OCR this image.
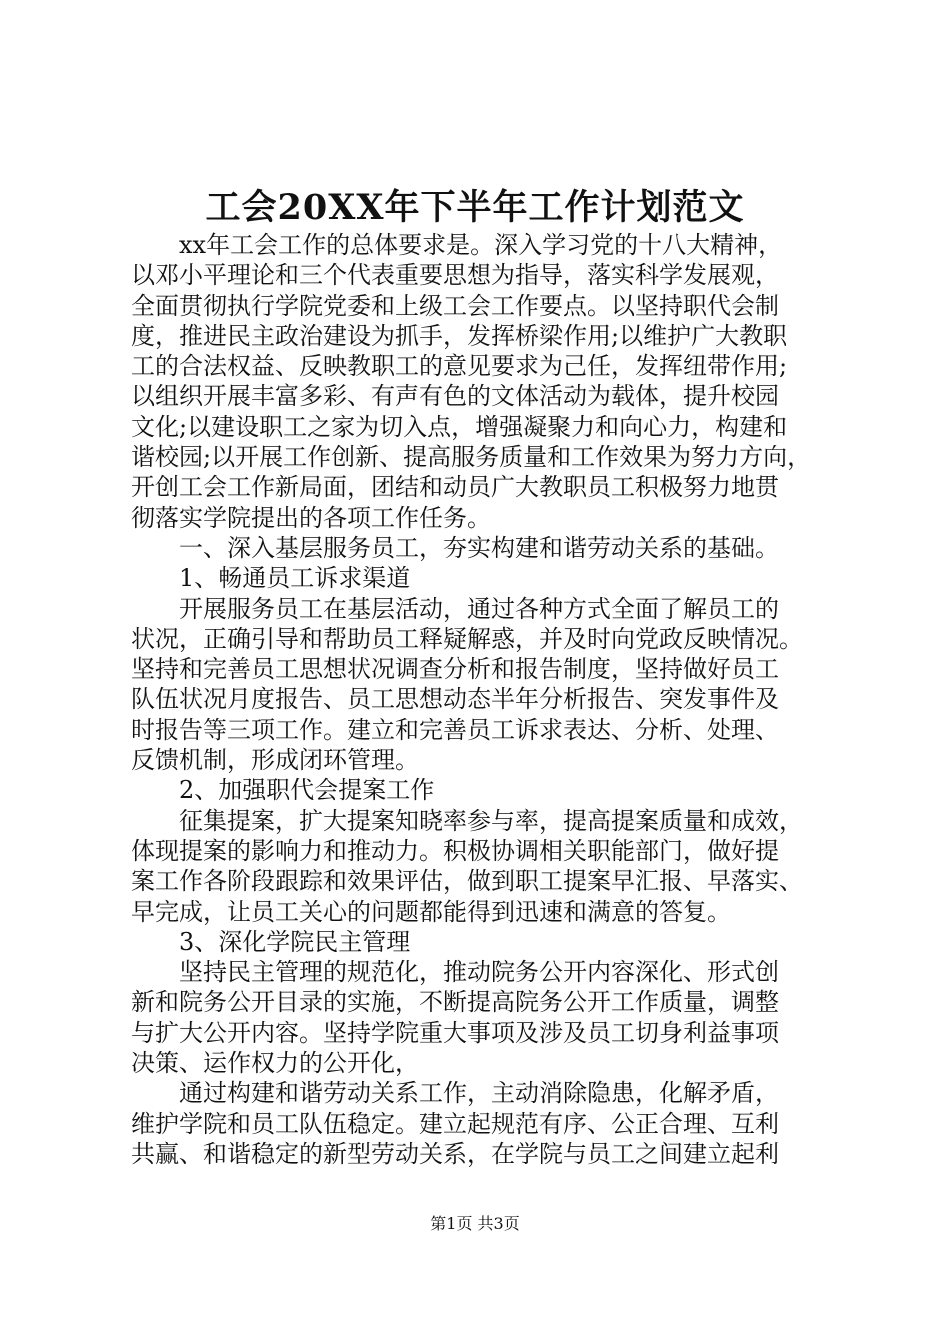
工会20XX年下半年工作计划范文
xx年工会工作的总体要求是。深入学习党的十八大精神，
以邓小平理论和三个代表重要思想为指导，落实科学发展观，
全面贯彻执行学院党委和上级工会工作要点。以坚持职代会制
度，推进民主政治建设为抓手，发挥桥梁作用;以维护广大教职
工的合法权益、反映教职工的意见要求为己任，发挥纽带作用;
以组织开展丰富多彩、有声有色的文体活动为载体，提升校园
文化;以建设职工之家为切入点，增强凝聚力和向心力，构建和
谐校园;以开展工作创新、提高服务质量和工作效果为努力方向，
开创工会工作新局面，团结和动员广大教职员工积极努力地贯
彻落实学院提出的各项工作任务。
一、深入基层服务员工，夯实构建和谐劳动关系的基础。
1、畅通员工诉求渠道
开展服务员工在基层活动，通过各种方式全面了解员工的
状况，正确引导和帮助员工释疑解惑，并及时向党政反映情况。
坚持和完善员工思想状况调查分析和报告制度，坚持做好员工
队伍状况月度报告、员工思想动态半年分析报告、突发事件及
时报告等三项工作。建立和完善员工诉求表达、分析、处理、
反馈机制，形成闭环管理。
2、加强职代会提案工作
征集提案，扩大提案知晓率参与率，提高提案质量和成效，
体现提案的影响力和推动力。积极协调相关职能部门，做好提
案工作各阶段跟踪和效果评估，做到职工提案早汇报、早落实、
早完成，让员工关心的问题都能得到迅速和满意的答复。
3、深化学院民主管理
坚持民主管理的规范化，推动院务公开内容深化、形式创
新和院务公开目录的实施，不断提高院务公开工作质量，调整
与扩大公开内容。坚持学院重大事项及涉及员工切身利益事项
决策、运作权力的公开化，
通过构建和谐劳动关系工作，主动消除隐患，化解矛盾，
维护学院和员工队伍稳定。建立起规范有序、公正合理、互利
共赢、和谐稳定的新型劳动关系，在学院与员工之间建立起利
第1页 共3页
